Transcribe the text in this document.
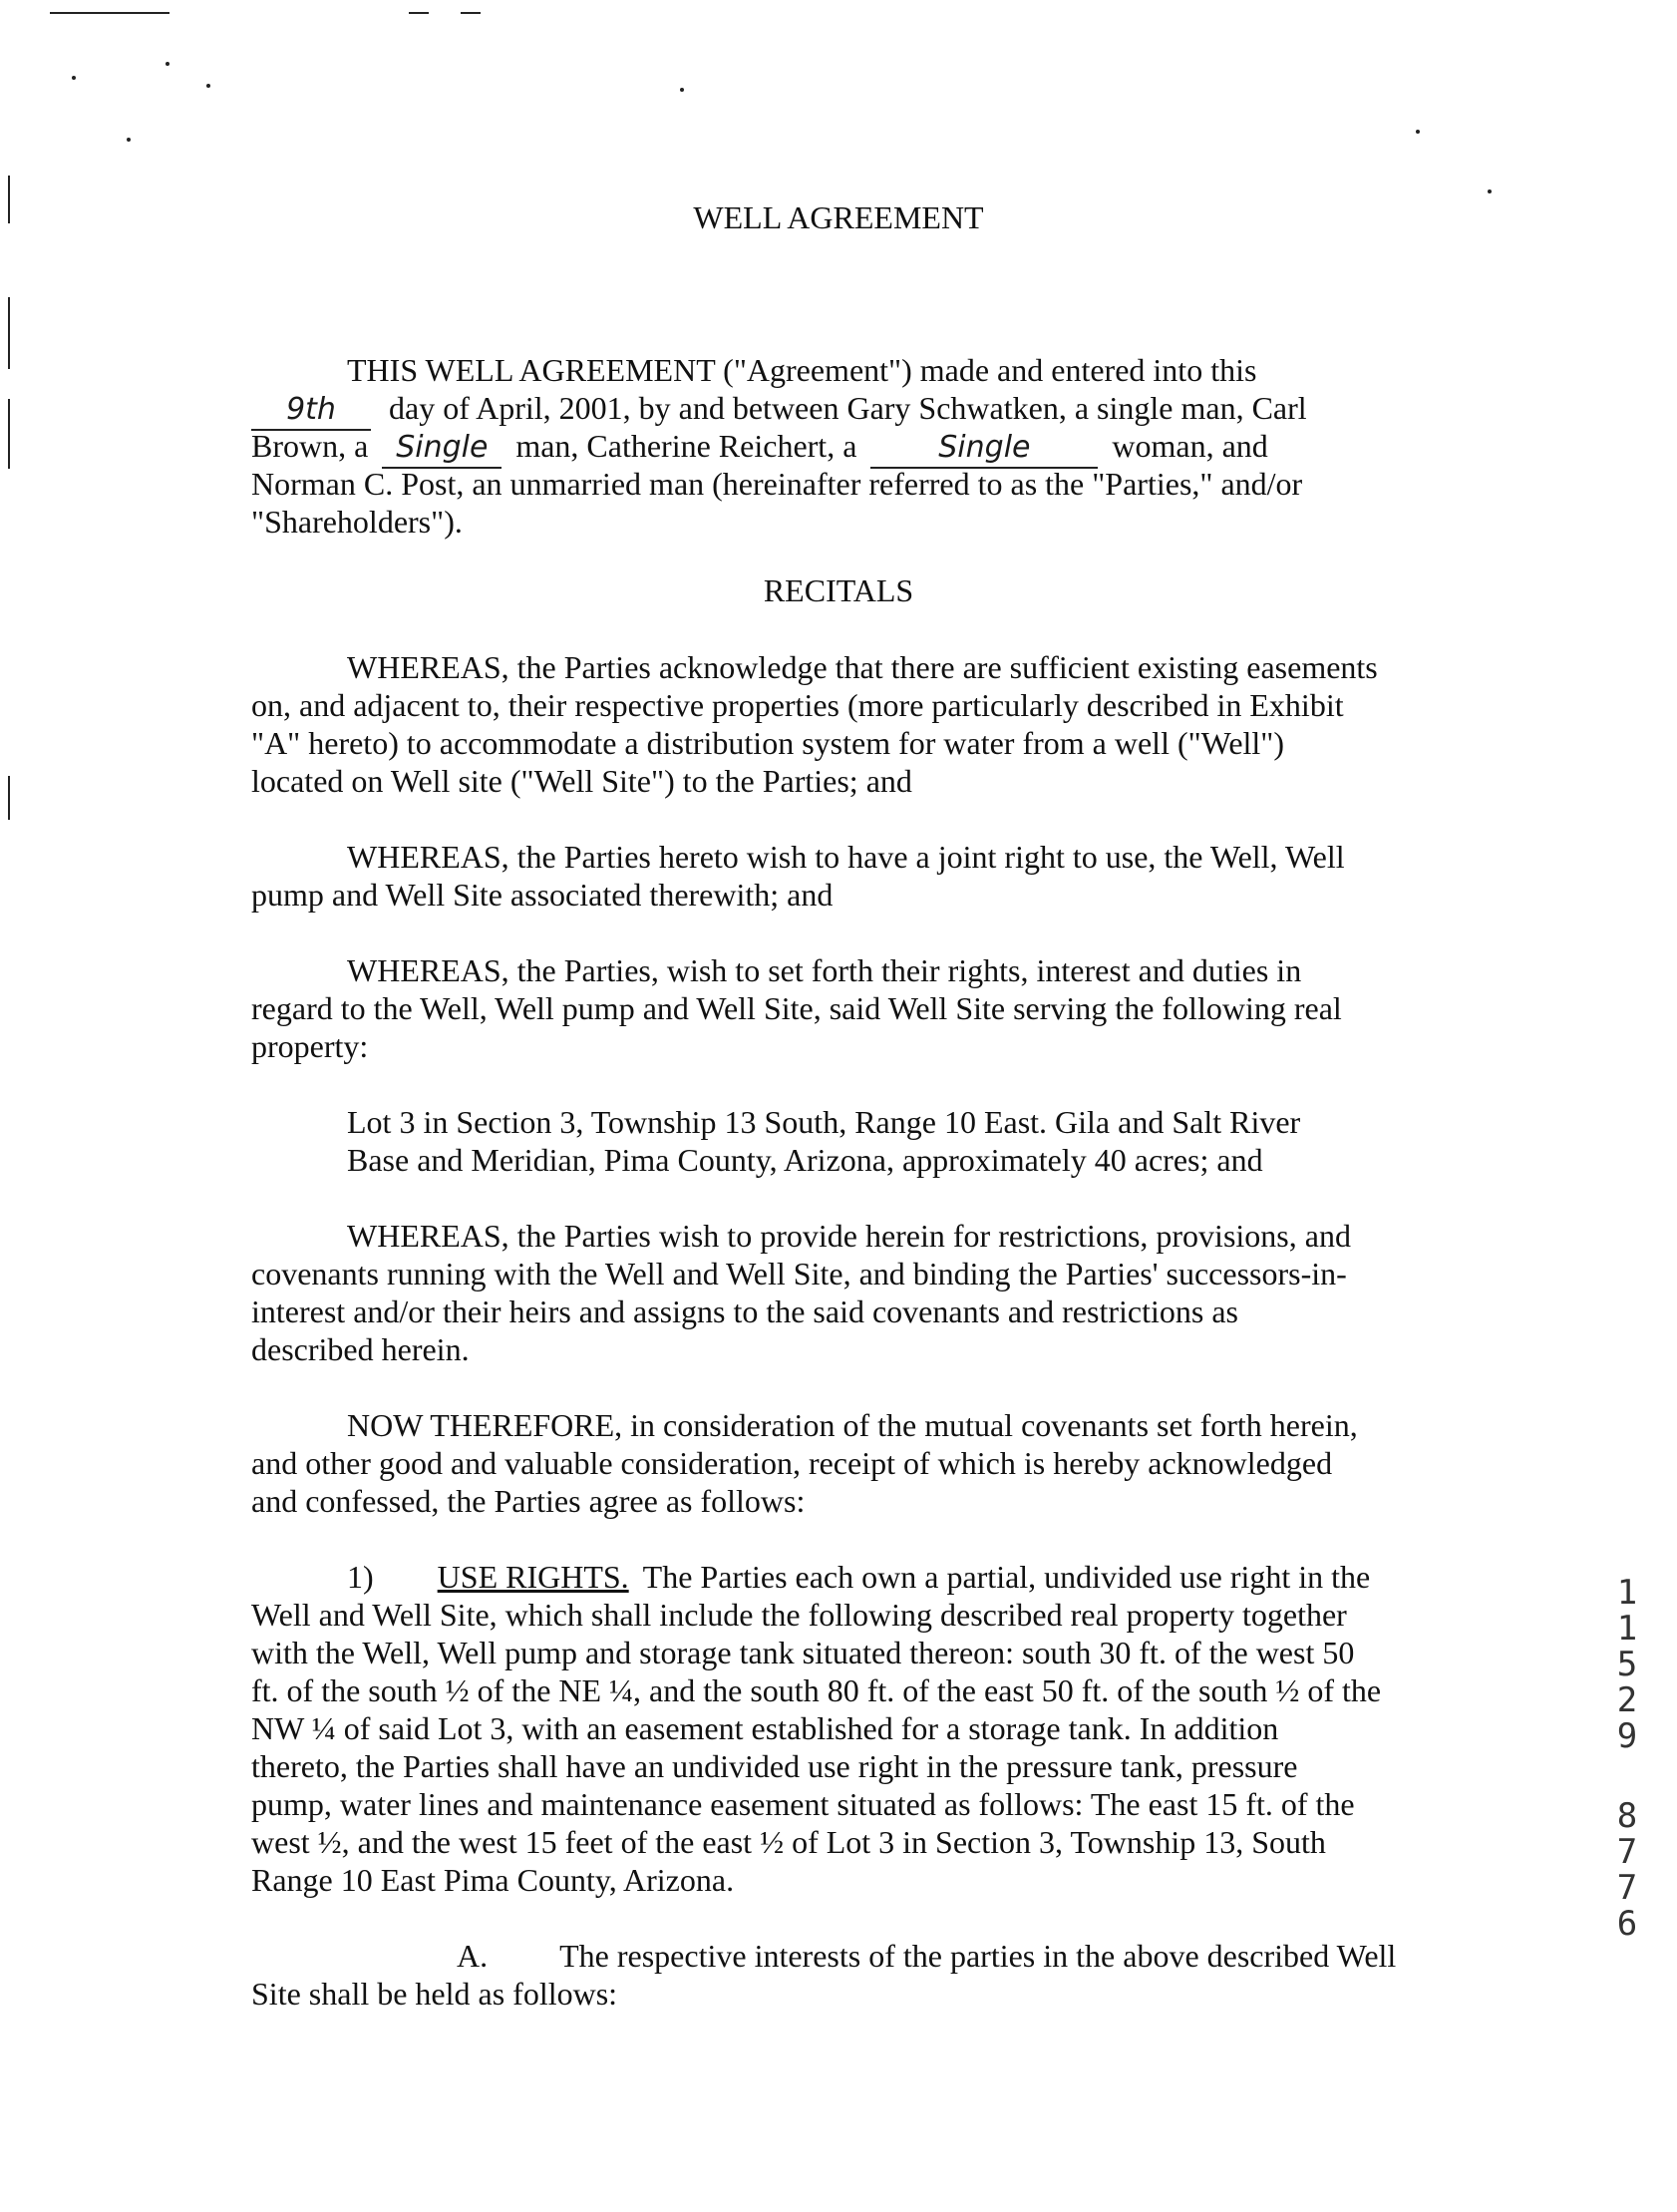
WELL AGREEMENT
THIS WELL AGREEMENT ("Agreement") made and entered into this
9th day of April, 2001, by and between Gary Schwatken, a single man, Carl
Brown, a Single man, Catherine Reichert, a	Single	woman, and
Norman C. Post, an unmarried man (hereinafter referred to as the "Parties," and/or
"Shareholders").
RECITALS
WHEREAS, the Parties acknowledge that there are sufficient existing easements
on, and adjacent to, their respective properties (more particularly described in Exhibit
"A" hereto) to accommodate a distribution system for water from a well ("Well")
located on Well site ("Well Site") to the Parties; and
WHEREAS, the Parties hereto wish to have a joint right to use, the Well, Well
pump and Well Site associated therewith; and
WHEREAS, the Parties, wish to set forth their rights, interest and duties in
regard to the Well, Well pump and Well Site, said Well Site serving the following real
property:
Lot 3 in Section 3, Township 13 South, Range 10 East. Gila and Salt River
Base and Meridian, Pima County, Arizona, approximately 40 acres; and
WHEREAS, the Parties wish to provide herein for restrictions, provisions, and
covenants running with the Well and Well Site, and binding the Parties' successors-in-
interest and/or their heirs and assigns to the said covenants and restrictions as
described herein.
NOW THEREFORE, in consideration of the mutual covenants set forth herein,
and other good and valuable consideration, receipt of which is hereby acknowledged
and confessed, the Parties agree as follows:
1) USE RIGHTS. The Parties each own a partial, undivided use right in the
Well and Well Site, which shall include the following described real property together
with the Well, Well pump and storage tank situated thereon: south 30 ft. of the west 50
ft. of the south ½ of the NE ¼, and the south 80 ft. of the east 50 ft. of the south ½ of the
NW ¼ of said Lot 3, with an easement established for a storage tank. In addition
thereto, the Parties shall have an undivided use right in the pressure tank, pressure
pump, water lines and maintenance easement situated as follows: The east 15 ft. of the
west ½, and the west 15 feet of the east ½ of Lot 3 in Section 3, Township 13, South
Range 10 East Pima County, Arizona.
A. The respective interests of the parties in the above described Well
Site shall be held as follows:
1
1
5
2
9
8
7
7
6
